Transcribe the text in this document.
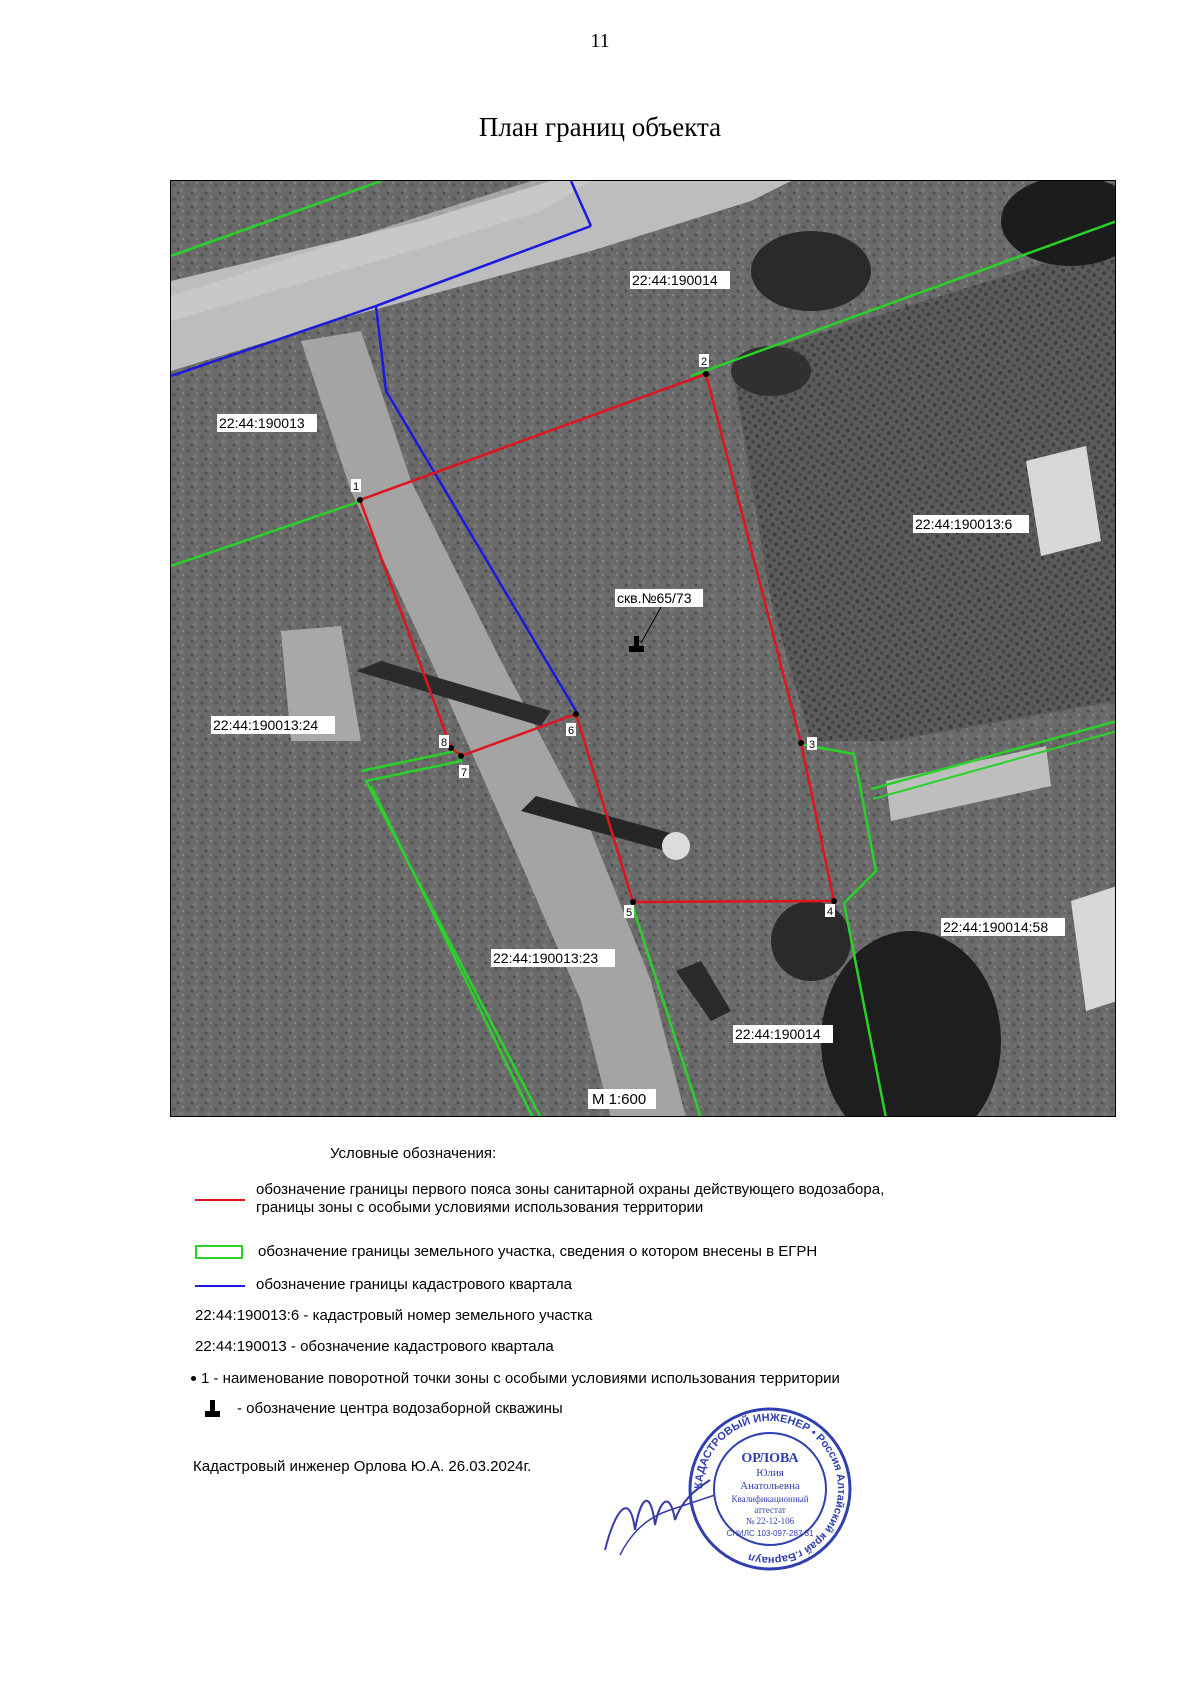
11
План границ объекта
1
2
3
4
5
6
7
8
22:44:190014
22:44:190013
22:44:190013:6
22:44:190013:24
22:44:190013:23
22:44:190014:58
22:44:190014
скв.№65/73
М 1:600
Условные обозначения:
обозначение границы первого пояса зоны санитарной охраны действующего водозабора,
границы зоны с особыми условиями использования территории
обозначение границы земельного участка, сведения о котором внесены в ЕГРН
обозначение границы кадастрового квартала
22:44:190013:6 - кадастровый номер земельного участка
22:44:190013 - обозначение кадастрового квартала
1 - наименование поворотной точки зоны с особыми условиями использования территории
- обозначение центра водозаборной скважины
Кадастровый инженер Орлова Ю.А. 26.03.2024г.
КАДАСТРОВЫЙ ИНЖЕНЕР • Россия Алтайский край г.Барнаул
ОРЛОВА
Юлия
Анатольевна
Квалификационный
аттестат
№ 22-12-106
СНИЛС 103-097-287 31
